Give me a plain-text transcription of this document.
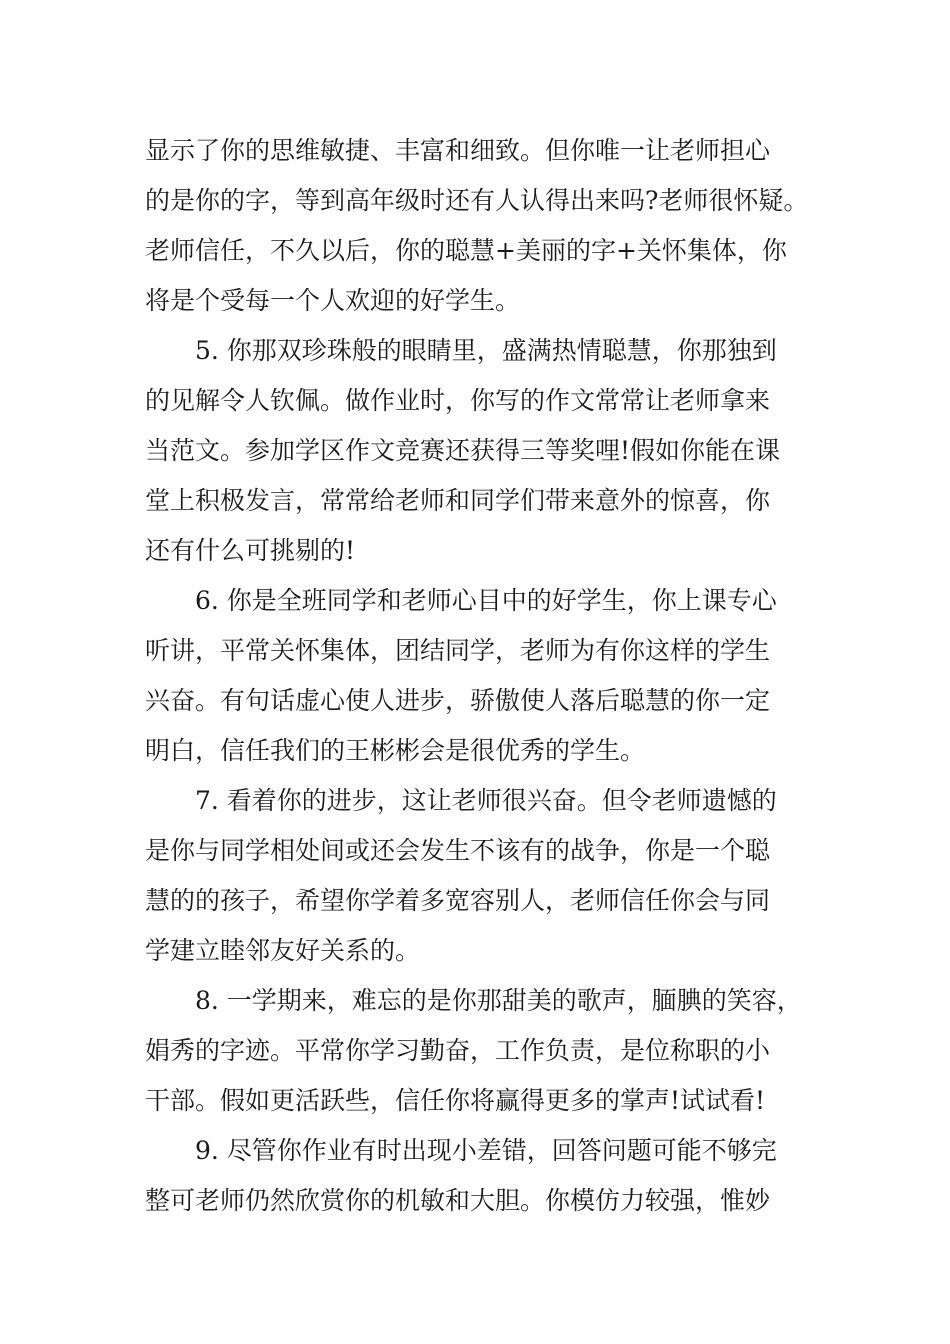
显示了你的思维敏捷、丰富和细致。但你唯一让老师担心
的是你的字，等到高年级时还有人认得出来吗?老师很怀疑。
老师信任，不久以后，你的聪慧+美丽的字+关怀集体，你
将是个受每一个人欢迎的好学生。
5. 你那双珍珠般的眼睛里，盛满热情聪慧，你那独到
的见解令人钦佩。做作业时，你写的作文常常让老师拿来
当范文。参加学区作文竞赛还获得三等奖哩!假如你能在课
堂上积极发言，常常给老师和同学们带来意外的惊喜，你
还有什么可挑剔的!
6. 你是全班同学和老师心目中的好学生，你上课专心
听讲，平常关怀集体，团结同学，老师为有你这样的学生
兴奋。有句话虚心使人进步，骄傲使人落后聪慧的你一定
明白，信任我们的王彬彬会是很优秀的学生。
7. 看着你的进步，这让老师很兴奋。但令老师遗憾的
是你与同学相处间或还会发生不该有的战争，你是一个聪
慧的的孩子，希望你学着多宽容别人，老师信任你会与同
学建立睦邻友好关系的。
8. 一学期来，难忘的是你那甜美的歌声，腼腆的笑容，
娟秀的字迹。平常你学习勤奋，工作负责，是位称职的小
干部。假如更活跃些，信任你将赢得更多的掌声!试试看!
9. 尽管你作业有时出现小差错，回答问题可能不够完
整可老师仍然欣赏你的机敏和大胆。你模仿力较强，惟妙
